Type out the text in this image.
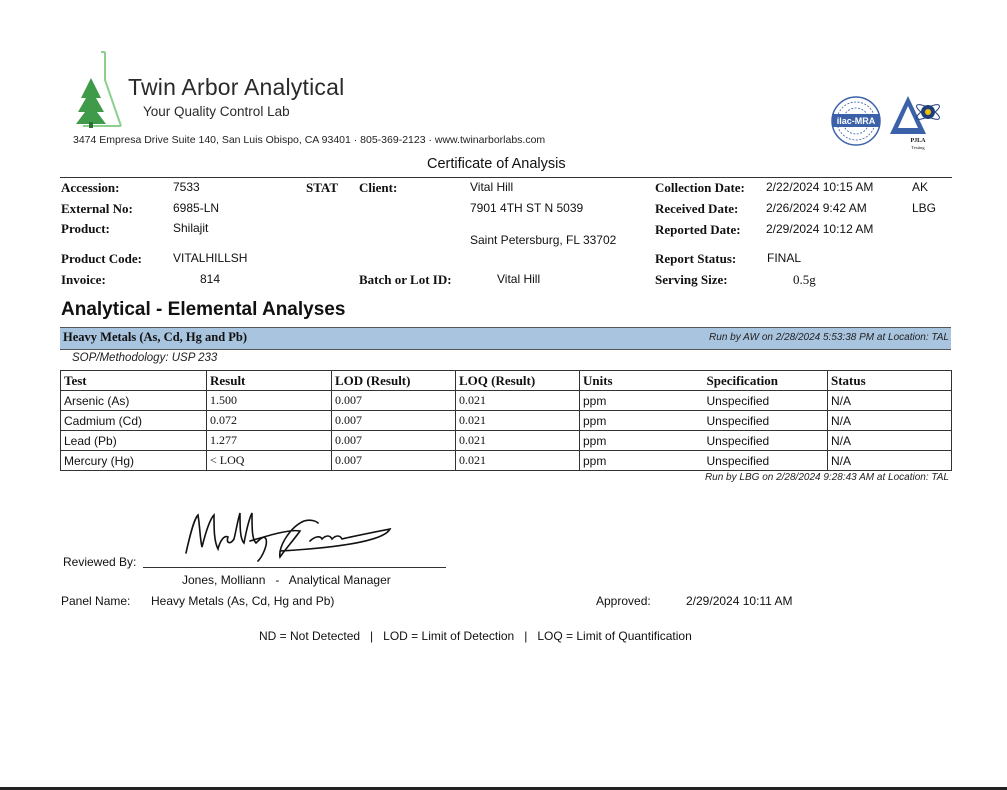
Twin Arbor Analytical
Your Quality Control Lab
3474 Empresa Drive Suite 140, San Luis Obispo, CA 93401 · 805-369-2123 · www.twinarborlabs.com
ilac-MRA
PJLA
Testing
Certificate of Analysis
Accession:	7533	STAT Client:	Vital Hill	Collection Date: 2/22/2024 10:15 AM	AK
External No:	6985-LN	7901 4TH ST N 5039	Received Date: 2/26/2024 9:42 AM	LBG
Product:	Shilajit	Reported Date: 2/29/2024 10:12 AM
Saint Petersburg, FL 33702
Product Code:	VITALHILLSH	Report Status:	FINAL
Invoice:	814	Batch or Lot ID:	Vital Hill	Serving Size:	0.5g
Analytical - Elemental Analyses
Heavy Metals (As, Cd, Hg and Pb)	Run by AW on 2/28/2024 5:53:38 PM at Location: TAL
SOP/Methodology: USP 233
Test	Result	LOD (Result)	LOQ (Result)	Units	Specification	Status
Arsenic (As)	1.500	0.007	0.021	ppm	Unspecified	N/A
Cadmium (Cd)	0.072	0.007	0.021	ppm	Unspecified	N/A
Lead (Pb)	1.277	0.007	0.021	ppm	Unspecified	N/A
Mercury (Hg)	< LOQ	0.007	0.021	ppm	Unspecified	N/A
Run by LBG on 2/28/2024 9:28:43 AM at Location: TAL
Reviewed By:
Jones, Molliann   -   Analytical Manager
Panel Name: Heavy Metals (As, Cd, Hg and Pb)	Approved:	2/29/2024 10:11 AM
ND = Not Detected   |   LOD = Limit of Detection   |   LOQ = Limit of Quantification
